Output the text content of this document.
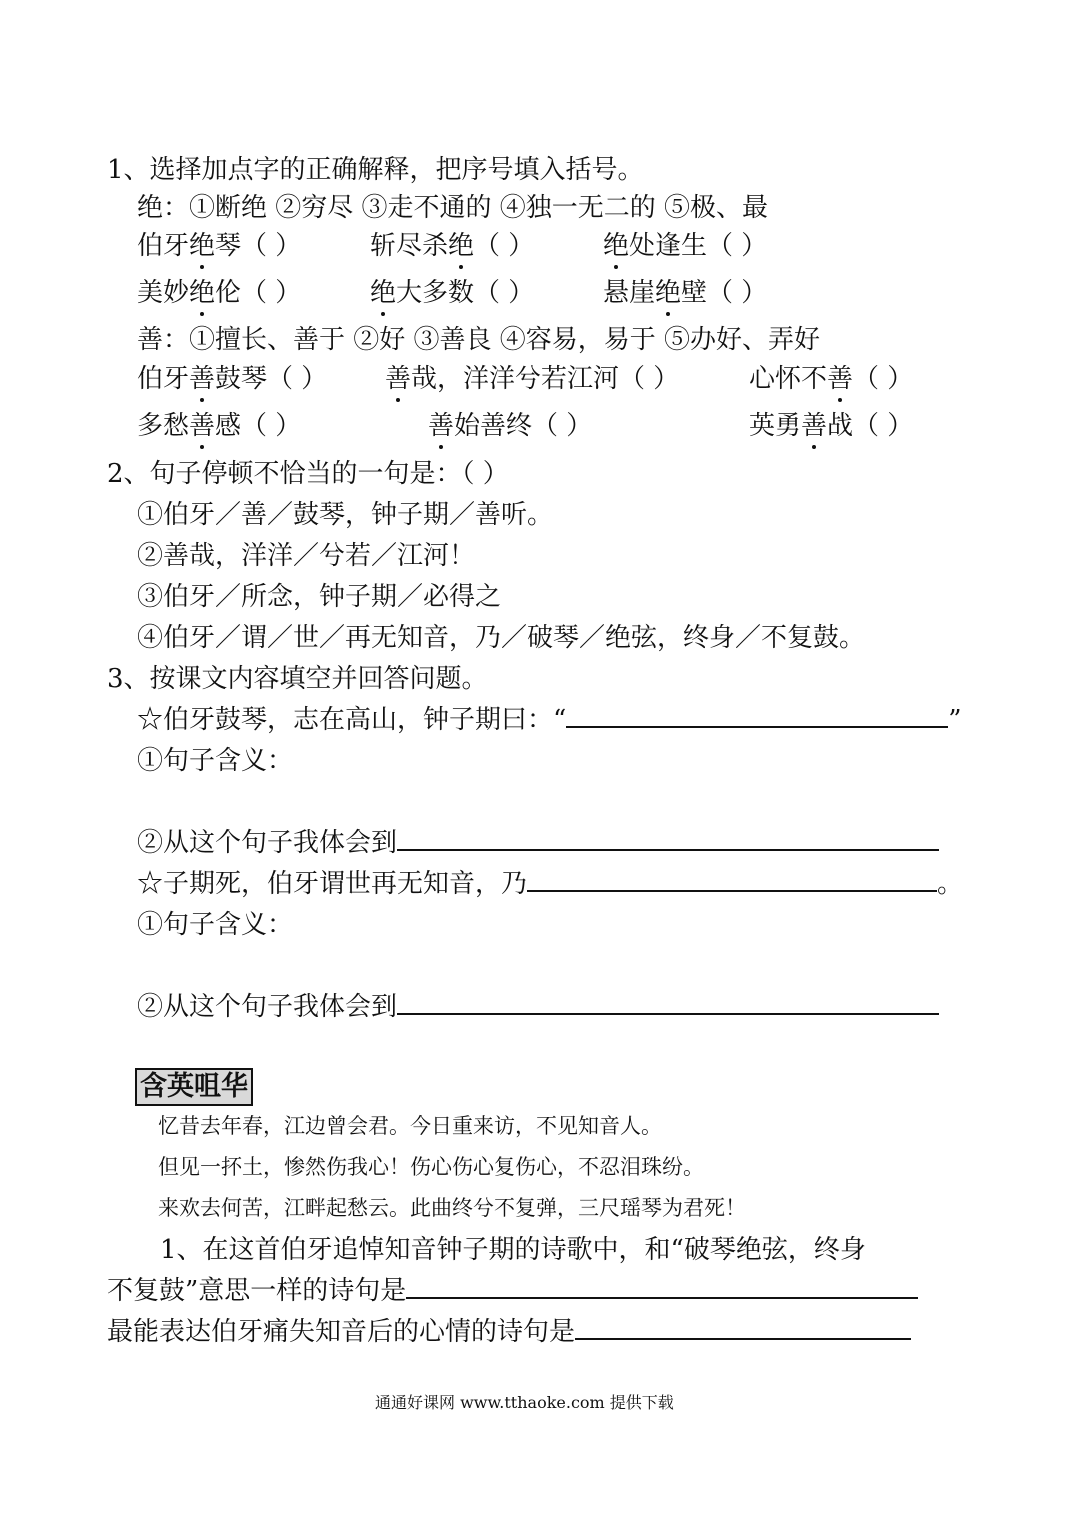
1、选择加点字的正确解释，把序号填入括号。
绝：①断绝 ②穷尽 ③走不通的 ④独一无二的 ⑤极、最
伯牙绝琴（ ）	斩尽杀绝（ ）	绝处逢生（ ）
美妙绝伦（ ）	绝大多数（ ）	悬崖绝壁（ ）
善：①擅长、善于 ②好 ③善良 ④容易，易于 ⑤办好、弄好
伯牙善鼓琴（ ） 善哉，洋洋兮若江河（ ）	心怀不善（ ）
多愁善感（ ）	善始善终（ ）	英勇善战（ ）
2、句子停顿不恰当的一句是：（ ）
①伯牙／善／鼓琴，钟子期／善听。
②善哉，洋洋／兮若／江河！
③伯牙／所念，钟子期／必得之
④伯牙／谓／世／再无知音，乃／破琴／绝弦，终身／不复鼓。
3、按课文内容填空并回答问题。
☆伯牙鼓琴，志在高山，钟子期曰：“	”
①句子含义：
②从这个句子我体会到
☆子期死，伯牙谓世再无知音，乃	。
①句子含义：
②从这个句子我体会到
含英咀华
忆昔去年春，江边曾会君。今日重来访，不见知音人。
但见一抔土，惨然伤我心！伤心伤心复伤心，不忍泪珠纷。
来欢去何苦，江畔起愁云。此曲终兮不复弹，三尺瑶琴为君死！
1、在这首伯牙追悼知音钟子期的诗歌中，和“破琴绝弦，终身
不复鼓”意思一样的诗句是
最能表达伯牙痛失知音后的心情的诗句是
通通好课网 www.tthaoke.com 提供下载
